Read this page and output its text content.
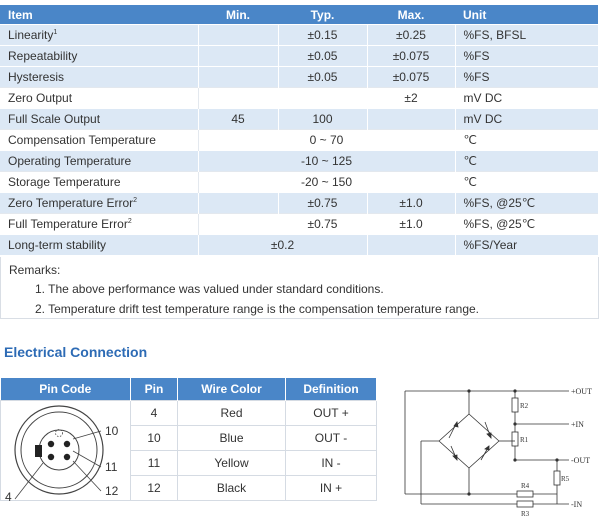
Item	Min.	Typ.	Max.	Unit
Linearity$^1$		±0.15	±0.25	%FS, BFSL
Repeatability		±0.05	±0.075	%FS
Hysteresis		±0.05	±0.075	%FS
Zero Output			±2	mV DC
Full Scale Output	45	100		mV DC
Compensation Temperature	0 ~ 70			℃
Operating Temperature	-10 ~ 125			℃
Storage Temperature	-20 ~ 150			℃
Zero Temperature Error$^2$		±0.75	±1.0	%FS, @25℃
Full Temperature Error$^2$		±0.75	±1.0	%FS, @25℃
Long-term stability	±0.2			%FS/Year
Remarks:
1. The above performance was valued under standard conditions.
2. Temperature drift test temperature range is the compensation temperature range.
Electrical Connection
Pin Code	Pin	Wire Color	Definition

10
11
12
4	4	Red	OUT +
	10	Blue	OUT -
	11	Yellow	IN -
	12	Black	IN +
+OUT
+IN
-OUT
-IN
R2
R1
R5
R4
R3
